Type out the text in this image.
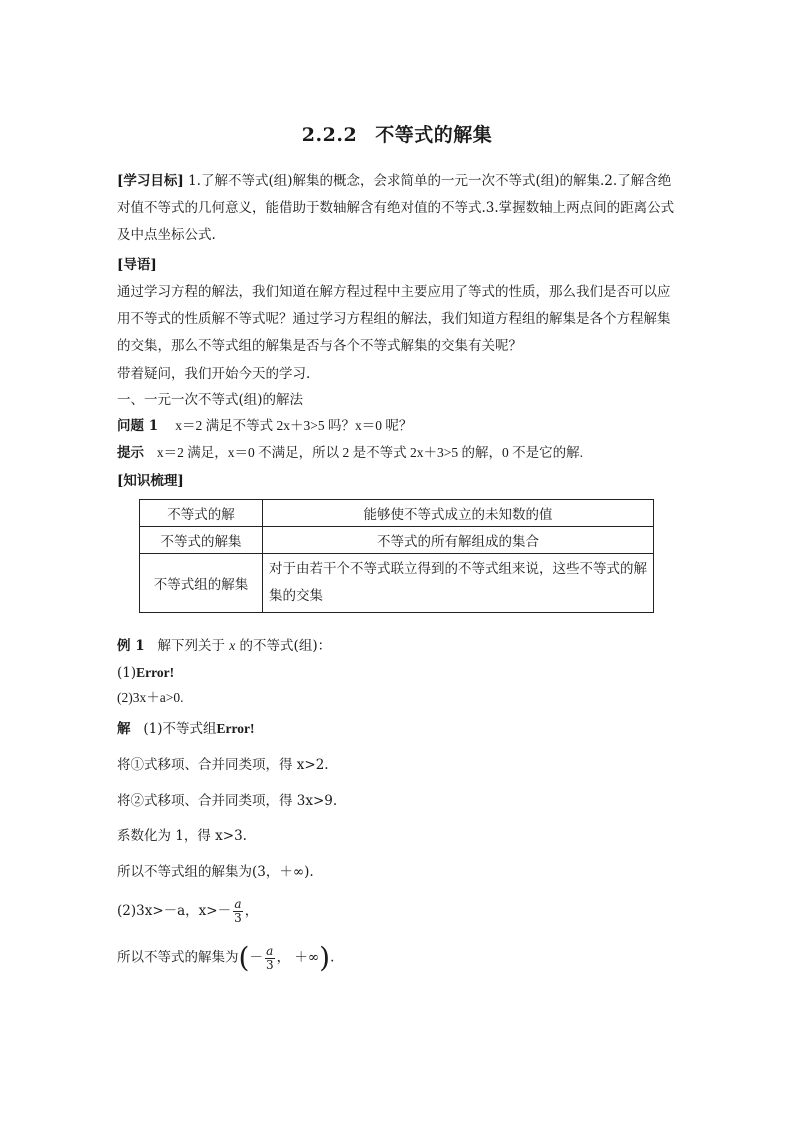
2.2.2 不等式的解集
[学习目标] 1.了解不等式(组)解集的概念，会求简单的一元一次不等式(组)的解集.2.了解含绝对值不等式的几何意义，能借助于数轴解含有绝对值的不等式.3.掌握数轴上两点间的距离公式及中点坐标公式.
[导语]
通过学习方程的解法，我们知道在解方程过程中主要应用了等式的性质，那么我们是否可以应用不等式的性质解不等式呢？通过学习方程组的解法，我们知道方程组的解集是各个方程解集的交集，那么不等式组的解集是否与各个不等式解集的交集有关呢？
带着疑问，我们开始今天的学习.
一、一元一次不等式(组)的解法
问题 1 x＝2 满足不等式 2x＋3>5 吗？x＝0 呢？
提示 x＝2 满足，x＝0 不满足，所以 2 是不等式 2x＋3>5 的解，0 不是它的解.
[知识梳理]
不等式的解	能够使不等式成立的未知数的值
不等式的解集	不等式的所有解组成的集合
不等式组的解集	对于由若干个不等式联立得到的不等式组来说，这些不等式的解集的交集
例 1 解下列关于 x 的不等式(组)：
(1)Error!
(2)3x＋a>0.
解 (1)不等式组Error!
将①式移项、合并同类项，得 x>2.
将②式移项、合并同类项，得 3x>9.
系数化为 1，得 x>3.
所以不等式组的解集为(3，＋∞).
(2)3x>－a，$x>- \frac{a}{3}$ ，
所以不等式的解集为(－ $\frac{a}{3}$ ， ＋∞).
